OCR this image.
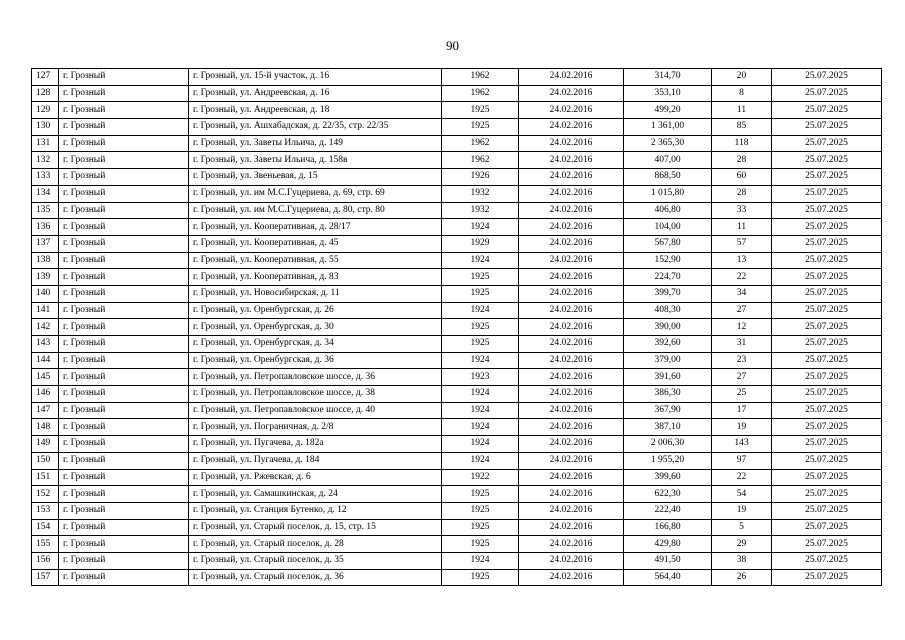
90
127	г. Грозный	г. Грозный, ул. 15-й участок, д. 16	1962	24.02.2016	314,70	20	25.07.2025
128	г. Грозный	г. Грозный, ул. Андреевская, д. 16	1962	24.02.2016	353,10	8	25.07.2025
129	г. Грозный	г. Грозный, ул. Андреевская, д. 18	1925	24.02.2016	499,20	11	25.07.2025
130	г. Грозный	г. Грозный, ул. Ашхабадская, д. 22/35, стр. 22/35	1925	24.02.2016	1 361,00	85	25.07.2025
131	г. Грозный	г. Грозный, ул. Заветы Ильича, д. 149	1962	24.02.2016	2 365,30	118	25.07.2025
132	г. Грозный	г. Грозный, ул. Заветы Ильича, д. 158в	1962	24.02.2016	407,00	28	25.07.2025
133	г. Грозный	г. Грозный, ул. Звеньевая, д. 15	1926	24.02.2016	868,50	60	25.07.2025
134	г. Грозный	г. Грозный, ул. им М.С.Гуцериева, д. 69, стр. 69	1932	24.02.2016	1 015,80	28	25.07.2025
135	г. Грозный	г. Грозный, ул. им М.С.Гуцериева, д. 80, стр. 80	1932	24.02.2016	406,80	33	25.07.2025
136	г. Грозный	г. Грозный, ул. Кооперативная, д. 28/17	1924	24.02.2016	104,00	11	25.07.2025
137	г. Грозный	г. Грозный, ул. Кооперативная, д. 45	1929	24.02.2016	567,80	57	25.07.2025
138	г. Грозный	г. Грозный, ул. Кооперативная, д. 55	1924	24.02.2016	152,90	13	25.07.2025
139	г. Грозный	г. Грозный, ул. Кооперативная, д. 83	1925	24.02.2016	224,70	22	25.07.2025
140	г. Грозный	г. Грозный, ул. Новосибирская, д. 11	1925	24.02.2016	399,70	34	25.07.2025
141	г. Грозный	г. Грозный, ул. Оренбургская, д. 26	1924	24.02.2016	408,30	27	25.07.2025
142	г. Грозный	г. Грозный, ул. Оренбургская, д. 30	1925	24.02.2016	390,00	12	25.07.2025
143	г. Грозный	г. Грозный, ул. Оренбургская, д. 34	1925	24.02.2016	392,60	31	25.07.2025
144	г. Грозный	г. Грозный, ул. Оренбургская, д. 36	1924	24.02.2016	379,00	23	25.07.2025
145	г. Грозный	г. Грозный, ул. Петропавловское шоссе, д. 36	1923	24.02.2016	391,60	27	25.07.2025
146	г. Грозный	г. Грозный, ул. Петропавловское шоссе, д. 38	1924	24.02.2016	386,30	25	25.07.2025
147	г. Грозный	г. Грозный, ул. Петропавловское шоссе, д. 40	1924	24.02.2016	367,90	17	25.07.2025
148	г. Грозный	г. Грозный, ул. Пограничная, д. 2/8	1924	24.02.2016	387,10	19	25.07.2025
149	г. Грозный	г. Грозный, ул. Пугачева, д. 182а	1924	24.02.2016	2 006,30	143	25.07.2025
150	г. Грозный	г. Грозный, ул. Пугачева, д. 184	1924	24.02.2016	1 955,20	97	25.07.2025
151	г. Грозный	г. Грозный, ул. Ржевская, д. 6	1922	24.02.2016	399,60	22	25.07.2025
152	г. Грозный	г. Грозный, ул. Самашкинская, д. 24	1925	24.02.2016	622,30	54	25.07.2025
153	г. Грозный	г. Грозный, ул. Станция Бутенко, д. 12	1925	24.02.2016	222,40	19	25.07.2025
154	г. Грозный	г. Грозный, ул. Старый поселок, д. 15, стр. 15	1925	24.02.2016	166,80	5	25.07.2025
155	г. Грозный	г. Грозный, ул. Старый поселок, д. 28	1925	24.02.2016	429,80	29	25.07.2025
156	г. Грозный	г. Грозный, ул. Старый поселок, д. 35	1924	24.02.2016	491,50	38	25.07.2025
157	г. Грозный	г. Грозный, ул. Старый поселок, д. 36	1925	24.02.2016	564,40	26	25.07.2025
